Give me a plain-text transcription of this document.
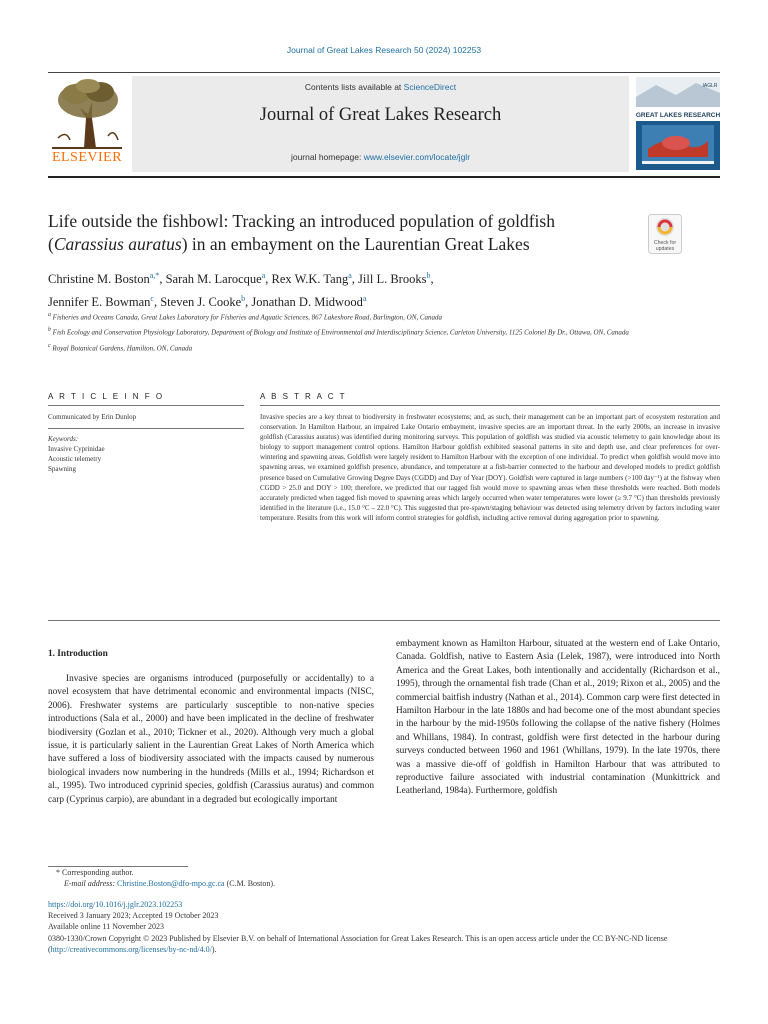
Journal of Great Lakes Research 50 (2024) 102253
ELSEVIER
Contents lists available at ScienceDirect
Journal of Great Lakes Research
journal homepage: www.elsevier.com/locate/jglr
GREAT LAKES RESEARCH
IAGLR
Life outside the fishbowl: Tracking an introduced population of goldfish (Carassius auratus) in an embayment on the Laurentian Great Lakes	Check for
updates
Christine M. Boston$^{a,*}$, Sarah M. Larocque$^a$, Rex W.K. Tang$^a$, Jill L. Brooks$^b$,
Jennifer E. Bowman$^c$, Steven J. Cooke$^b$, Jonathan D. Midwood$^a$
$^a$ Fisheries and Oceans Canada, Great Lakes Laboratory for Fisheries and Aquatic Sciences, 867 Lakeshore Road, Burlington, ON, Canada
$^b$ Fish Ecology and Conservation Physiology Laboratory, Department of Biology and Institute of Environmental and Interdisciplinary Science, Carleton University, 1125 Colonel By Dr., Ottawa, ON, Canada
$^c$ Royal Botanical Gardens, Hamilton, ON, Canada
A R T I C L E I N F O	A B S T R A C T
Communicated by Erin Dunlop
Keywords:
Invasive Cyprinidae
Acoustic telemetry
Spawning
Invasive species are a key threat to biodiversity in freshwater ecosystems; and, as such, their management can be an important part of ecosystem restoration and conservation. In Hamilton Harbour, an impaired Lake Ontario embayment, invasive species are an important threat. In the early 2000s, an increase in invasive goldfish (Carassius auratus) was identified during monitoring surveys. This population of goldfish was studied via acoustic telemetry to gain knowledge about its biology to support management control options. Hamilton Harbour goldfish exhibited seasonal patterns in site and depth use, and clear preferences for over-wintering and spawning areas. Goldfish were largely resident to Hamilton Harbour with the exception of one individual. To predict when goldfish would move into spawning areas, we examined goldfish presence, abundance, and temperature at a fish-barrier connected to the harbour and developed models to predict goldfish presence based on Cumulative Growing Degree Days (CGDD) and Day of Year (DOY). Goldfish were captured in large numbers (>100 day⁻¹) at the fishway when CGDD > 25.0 and DOY > 100; therefore, we predicted that our tagged fish would move to spawning areas when these thresholds were reached. Both models accurately predicted when tagged fish moved to spawning areas which largely occurred when water temperatures were lower (≥ 9.7 °C) than thresholds previously identified in the literature (i.e., 15.0 °C – 22.0 °C). This suggested that pre-spawn/staging behaviour was detected using telemetry driven by factors including water temperature. Results from this work will inform control strategies for goldfish, including active removal during aggregation prior to spawning.
1. Introduction
Invasive species are organisms introduced (purposefully or accidentally) to a novel ecosystem that have detrimental economic and environmental impacts (NISC, 2006). Freshwater systems are particularly susceptible to non-native species introductions (Sala et al., 2000) and have been implicated in the decline of freshwater biodiversity (Gozlan et al., 2010; Tickner et al., 2020). Although very much a global issue, it is particularly salient in the Laurentian Great Lakes of North America which have suffered a loss of biodiversity associated with the impacts caused by numerous biological invaders now numbering in the hundreds (Mills et al., 1994; Richardson et al., 1995). Two introduced cyprinid species, goldfish (Carassius auratus) and common carp (Cyprinus carpio), are abundant in a degraded but ecologically important
embayment known as Hamilton Harbour, situated at the western end of Lake Ontario, Canada. Goldfish, native to Eastern Asia (Lelek, 1987), were introduced into North America and the Great Lakes, both intentionally and accidentally (Richardson et al., 1995), through the ornamental fish trade (Chan et al., 2019; Rixon et al., 2005) and the commercial baitfish industry (Nathan et al., 2014). Common carp were first detected in Hamilton Harbour in the late 1880s and had become one of the most abundant species in the harbour by the mid-1950s following the collapse of the native fishery (Holmes and Whillans, 1984). In contrast, goldfish were first detected in the harbour during surveys conducted between 1960 and 1961 (Whillans, 1979). In the late 1970s, there was a massive die-off of goldfish in Hamilton Harbour that was attributed to reproductive failure associated with industrial contamination (Munkittrick and Leatherland, 1984a). Furthermore, goldfish
* Corresponding author.
E-mail address: Christine.Boston@dfo-mpo.gc.ca (C.M. Boston).
https://doi.org/10.1016/j.jglr.2023.102253
Received 3 January 2023; Accepted 19 October 2023
Available online 11 November 2023
0380-1330/Crown Copyright © 2023 Published by Elsevier B.V. on behalf of International Association for Great Lakes Research. This is an open access article under the CC BY-NC-ND license (http://creativecommons.org/licenses/by-nc-nd/4.0/).
